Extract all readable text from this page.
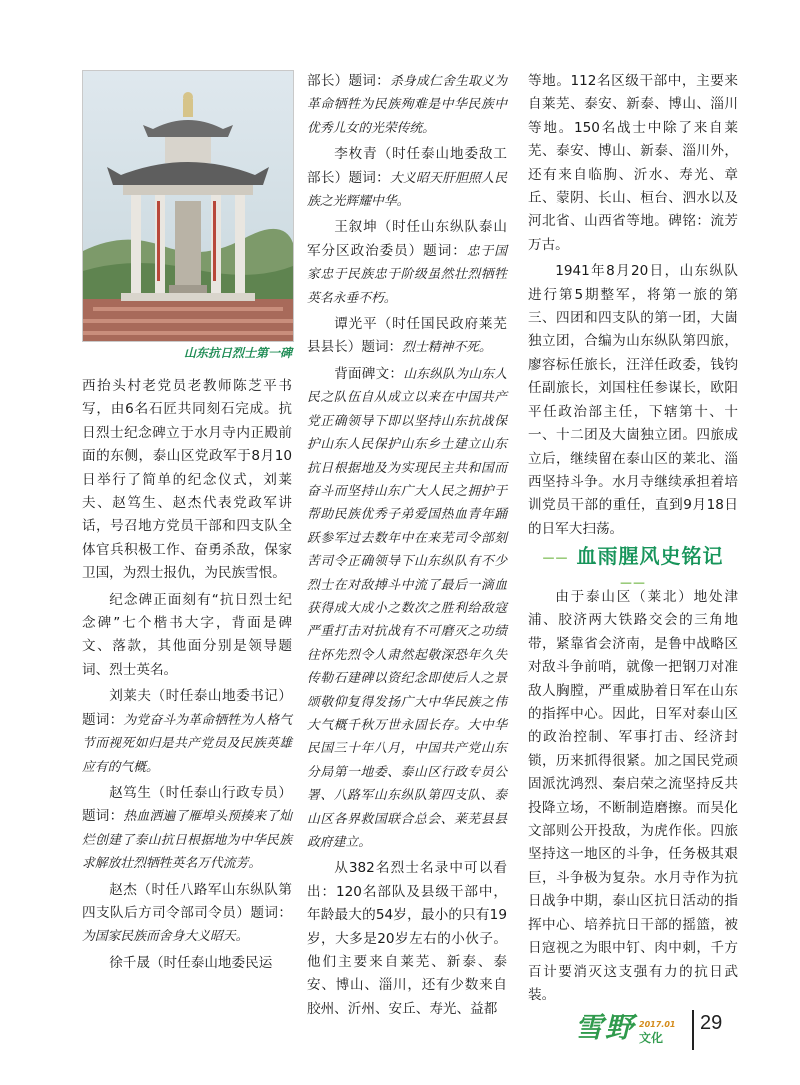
山东抗日烈士第一碑

西抬头村老党员老教师陈芝平书写，由6名石匠共同刻石完成。抗日烈士纪念碑立于水月寺内正殿前面的东侧，泰山区党政军于8月10日举行了简单的纪念仪式，刘莱夫、赵笃生、赵杰代表党政军讲话，号召地方党员干部和四支队全体官兵积极工作、奋勇杀敌，保家卫国，为烈士报仇，为民族雪恨。

纪念碑正面刻有“抗日烈士纪念碑”七个楷书大字，背面是碑文、落款，其他面分别是领导题词、烈士英名。

刘莱夫（时任泰山地委书记）题词：为党奋斗为革命牺牲为人格气节而视死如归是共产党员及民族英雄应有的气概。

赵笃生（时任泰山行政专员）题词：热血洒遍了雁埠头预揍来了灿烂创建了泰山抗日根据地为中华民族求解放壮烈牺牲英名万代流芳。

赵杰（时任八路军山东纵队第四支队后方司令部司令员）题词：为国家民族而舍身大义昭天。

徐千晟（时任泰山地委民运

部长）题词：杀身成仁舍生取义为革命牺牲为民族殉难是中华民族中优秀儿女的光荣传统。

李枚青（时任泰山地委敌工部长）题词：大义昭天肝胆照人民族之光辉耀中华。

王叙坤（时任山东纵队泰山军分区政治委员）题词：忠于国家忠于民族忠于阶级虽然壮烈牺牲英名永垂不朽。

谭光平（时任国民政府莱芜县县长）题词：烈士精神不死。

背面碑文：山东纵队为山东人民之队伍自从成立以来在中国共产党正确领导下即以坚持山东抗战保护山东人民保护山东乡土建立山东抗日根据地及为实现民主共和国而奋斗而坚持山东广大人民之拥护于帮助民族优秀子弟爱国热血青年踊跃参军过去数年中在来芜司令部刻苦司令正确领导下山东纵队有不少烈士在对敌搏斗中流了最后一滴血获得成大成小之数次之胜利给敌寇严重打击对抗战有不可磨灭之功绩往怀先烈令人肃然起敬深恐年久失传勒石建碑以资纪念即使后人之景颂敬仰复得发扬广大中华民族之伟大气概千秋万世永固长存。大中华民国三十年八月，中国共产党山东分局第一地委、泰山区行政专员公署、八路军山东纵队第四支队、泰山区各界救国联合总会、莱芜县县政府建立。

从382名烈士名录中可以看出：120名部队及县级干部中，年龄最大的54岁，最小的只有19岁，大多是20岁左右的小伙子。他们主要来自莱芜、新泰、泰安、博山、淄川，还有少数来自胶州、沂州、安丘、寿光、益都

等地。112名区级干部中，主要来自莱芜、泰安、新泰、博山、淄川等地。150名战士中除了来自莱芜、泰安、博山、新泰、淄川外，还有来自临朐、沂水、寿光、章丘、蒙阴、长山、桓台、泗水以及河北省、山西省等地。碑铭：流芳万古。

1941年8月20日，山东纵队进行第5期整军，将第一旅的第三、四团和四支队的第一团，大崮独立团，合编为山东纵队第四旅，廖容标任旅长，汪洋任政委，钱钧任副旅长，刘国柱任参谋长，欧阳平任政治部主任，下辖第十、十一、十二团及大崮独立团。四旅成立后，继续留在泰山区的莱北、淄西坚持斗争。水月寺继续承担着培训党员干部的重任，直到9月18日的日军大扫荡。

—— 血雨腥风史铭记 ——

由于泰山区（莱北）地处津浦、胶济两大铁路交会的三角地带，紧靠省会济南，是鲁中战略区对敌斗争前哨，就像一把钢刀对准敌人胸膛，严重威胁着日军在山东的指挥中心。因此，日军对泰山区的政治控制、军事打击、经济封锁，历来抓得很紧。加之国民党顽固派沈鸿烈、秦启荣之流坚持反共投降立场，不断制造磨擦。而吴化文部则公开投敌，为虎作伥。四旅坚持这一地区的斗争，任务极其艰巨，斗争极为复杂。水月寺作为抗日战争中期，泰山区抗日活动的指挥中心、培养抗日干部的摇篮，被日寇视之为眼中钉、肉中刺，千方百计要消灭这支强有力的抗日武装。

雪野 2017.01
文化
29
